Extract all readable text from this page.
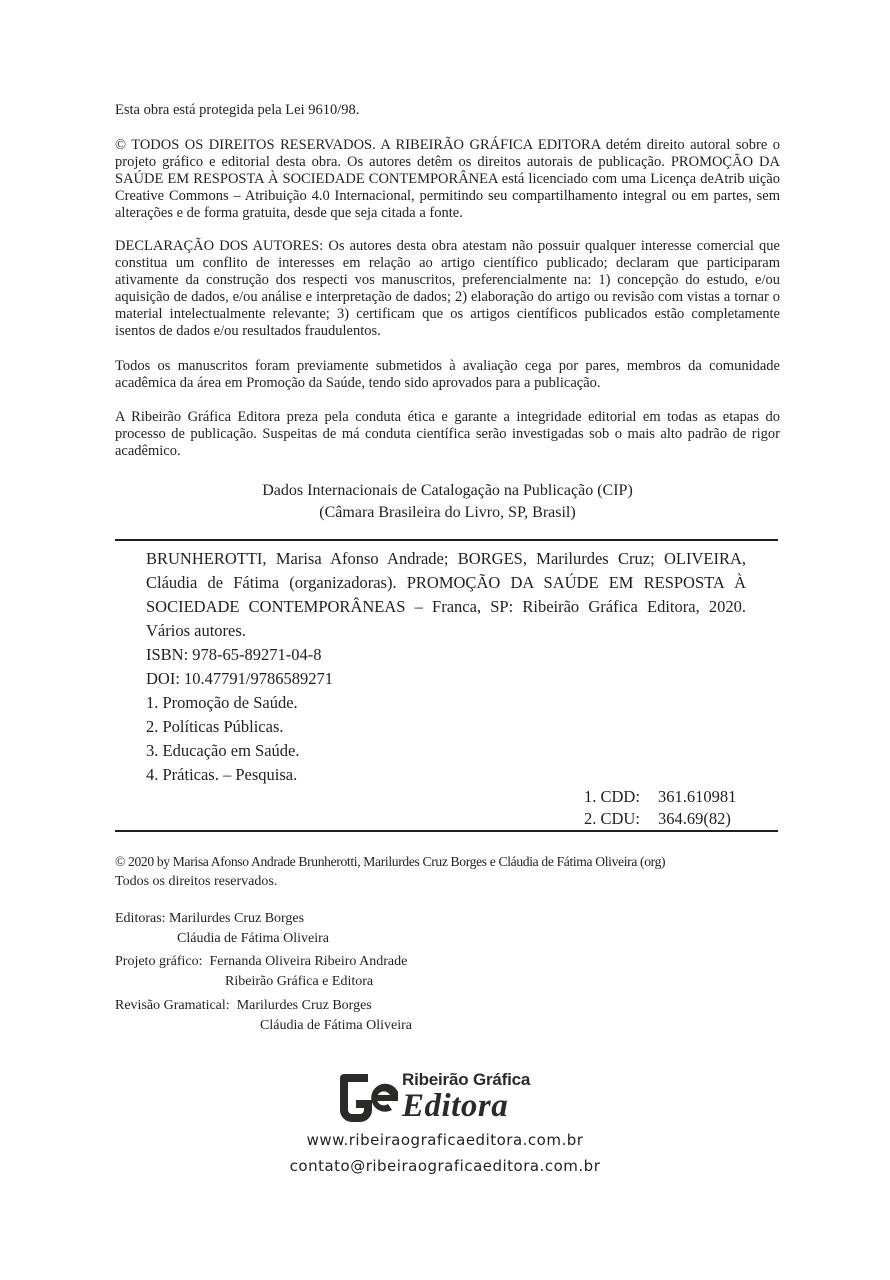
Esta obra está protegida pela Lei 9610/98.

© TODOS OS DIREITOS RESERVADOS. A RIBEIRÃO GRÁFICA EDITORA detém direito autoral sobre o projeto gráfico e editorial desta obra. Os autores detêm os direitos autorais de publicação. PROMOÇÃO DA SAÚDE EM RESPOSTA À SOCIEDADE CONTEMPORÂNEA está licenciado com uma Licença deAtrib uição Creative Commons – Atribuição 4.0 Internacional, permitindo seu compartilhamento integral ou em partes, sem alterações e de forma gratuita, desde que seja citada a fonte.

DECLARAÇÃO DOS AUTORES: Os autores desta obra atestam não possuir qualquer interesse comercial que constitua um conflito de interesses em relação ao artigo científico publicado; declaram que participaram ativamente da construção dos respecti vos manuscritos, preferencialmente na: 1) concepção do estudo, e/ou aquisição de dados, e/ou análise e interpretação de dados; 2) elaboração do artigo ou revisão com vistas a tornar o material intelectualmente relevante; 3) certificam que os artigos científicos publicados estão completamente isentos de dados e/ou resultados fraudulentos.

Todos os manuscritos foram previamente submetidos à avaliação cega por pares, membros da comunidade acadêmica da área em Promoção da Saúde, tendo sido aprovados para a publicação.

A Ribeirão Gráfica Editora preza pela conduta ética e garante a integridade editorial em todas as etapas do processo de publicação. Suspeitas de má conduta científica serão investigadas sob o mais alto padrão de rigor acadêmico.

Dados Internacionais de Catalogação na Publicação (CIP)
(Câmara Brasileira do Livro, SP, Brasil)
BRUNHEROTTI, Marisa Afonso Andrade; BORGES, Marilurdes Cruz; OLIVEIRA, Cláudia de Fátima (organizadoras). PROMOÇÃO DA SAÚDE EM RESPOSTA À SOCIEDADE CONTEMPORÂNEAS – Franca, SP: Ribeirão Gráfica Editora, 2020. Vários autores.
ISBN: 978-65-89271-04-8
DOI: 10.47791/9786589271
1. Promoção de Saúde.
2. Políticas Públicas.
3. Educação em Saúde.
4. Práticas. – Pesquisa.
1. CDD:	361.610981
2. CDU:	364.69(82)
© 2020 by Marisa Afonso Andrade Brunherotti, Marilurdes Cruz Borges e Cláudia de Fátima Oliveira (org)
Todos os direitos reservados.
Editoras: Marilurdes Cruz Borges
Cláudia de Fátima Oliveira
Projeto gráfico: Fernanda Oliveira Ribeiro Andrade
Ribeirão Gráfica e Editora
Revisão Gramatical: Marilurdes Cruz Borges
Cláudia de Fátima Oliveira
Ribeirão Gráfica
Editora
www.ribeiraograficaeditora.com.br
contato@ribeiraograficaeditora.com.br
